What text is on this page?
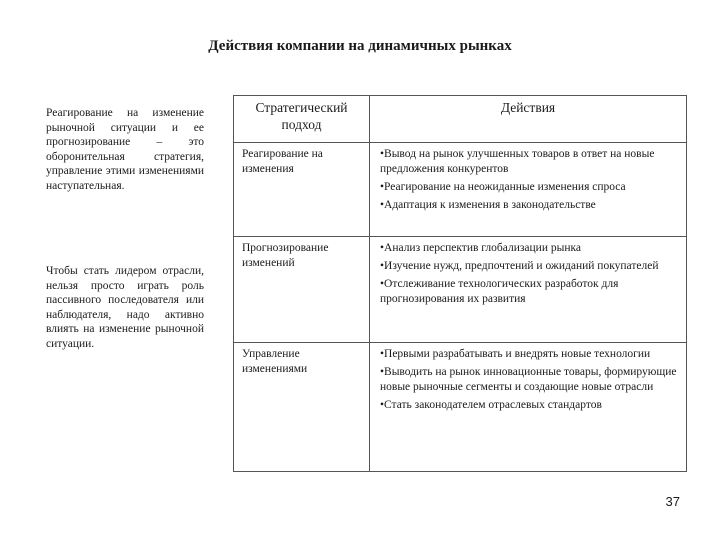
Действия компании на динамичных рынках
Реагирование на изменение рыночной ситуации и ее прогнозирование – это оборонительная стратегия, управление этими изменениями наступательная.
Чтобы стать лидером отрасли, нельзя просто играть роль пассивного последователя или наблюдателя, надо активно влиять на изменение рыночной ситуации.
Стратегический подход	Действия

Реагирование на изменения	•Вывод на рынок улучшенных товаров в ответ на новые предложения конкурентов
•Реагирование на неожиданные изменения спроса
•Адаптация к изменения в законодательстве

Прогнозирование изменений	•Анализ перспектив глобализации рынка
•Изучение нужд, предпочтений и ожиданий покупателей
•Отслеживание технологических разработок для прогнозирования их развития

Управление изменениями	•Первыми разрабатывать и внедрять новые технологии
•Выводить на рынок инновационные товары, формирующие новые рыночные сегменты и создающие новые отрасли
•Стать законодателем отраслевых стандартов
37
